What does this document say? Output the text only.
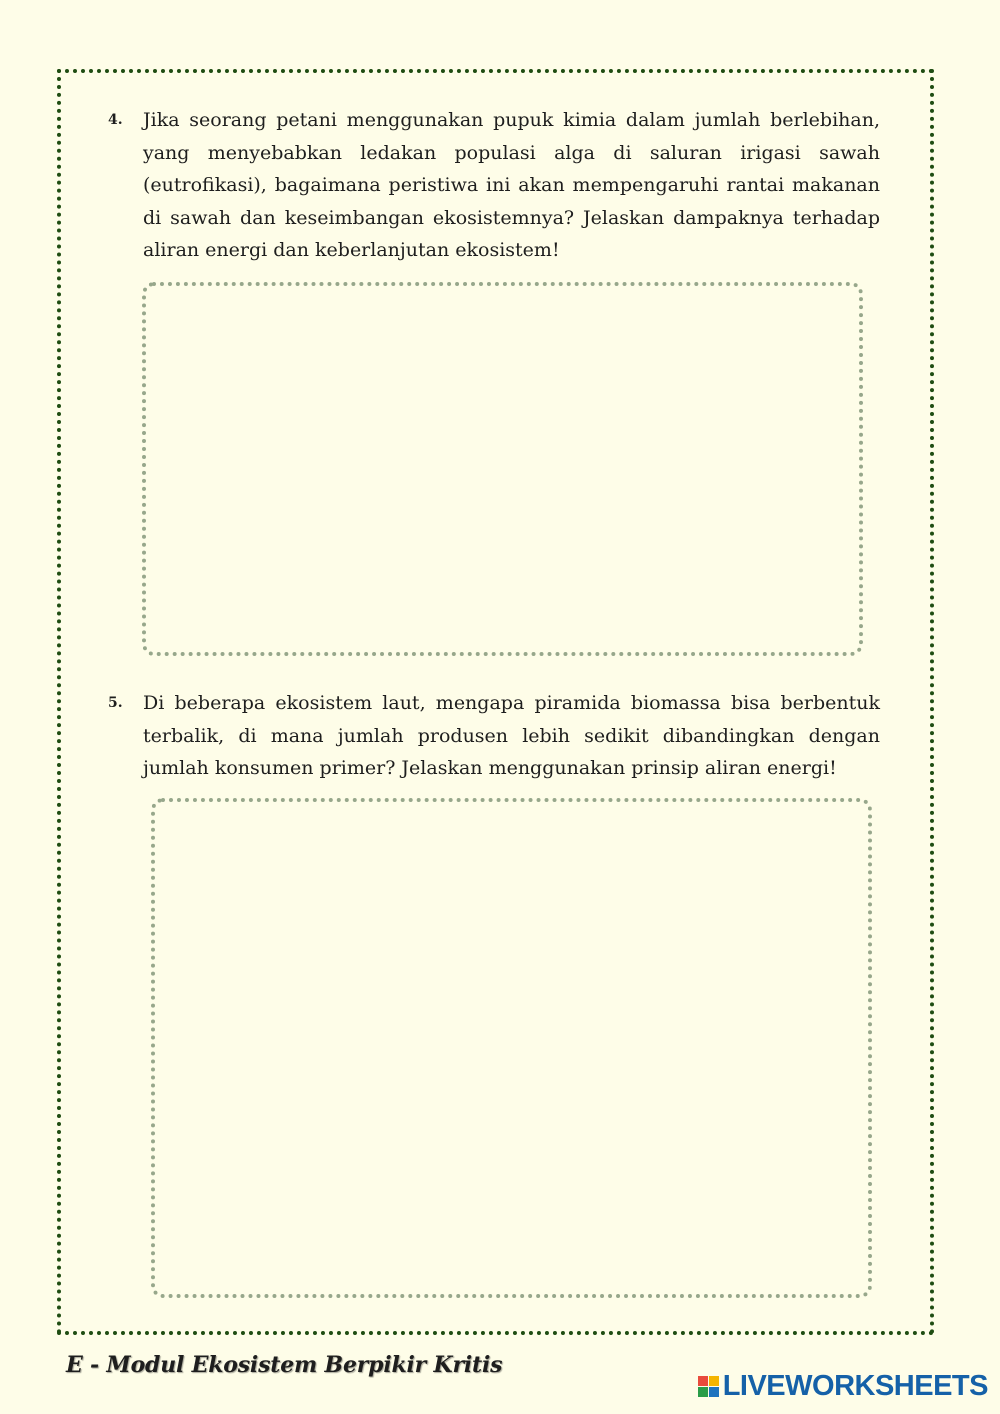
4.	Jika seorang petani menggunakan pupuk kimia dalam jumlah berlebihan, yang menyebabkan ledakan populasi alga di saluran irigasi sawah (eutrofikasi), bagaimana peristiwa ini akan mempengaruhi rantai makanan di sawah dan keseimbangan ekosistemnya? Jelaskan dampaknya terhadap aliran energi dan keberlanjutan ekosistem!
5.	Di beberapa ekosistem laut, mengapa piramida biomassa bisa berbentuk terbalik, di mana jumlah produsen lebih sedikit dibandingkan dengan jumlah konsumen primer? Jelaskan menggunakan prinsip aliran energi!
E - Modul Ekosistem Berpikir Kritis
LIVEWORKSHEETS
